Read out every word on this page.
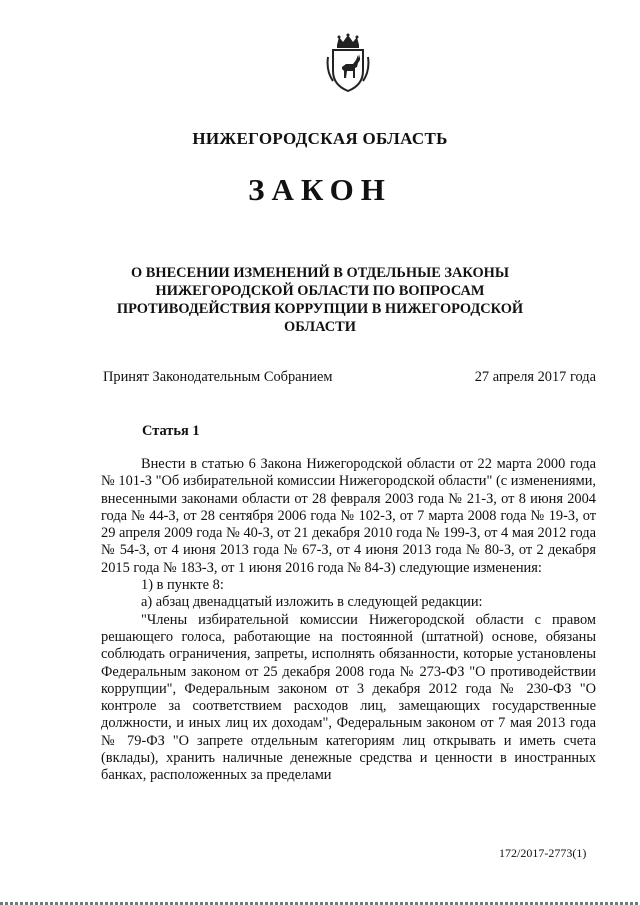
НИЖЕГОРОДСКАЯ ОБЛАСТЬ
ЗАКОН
О ВНЕСЕНИИ ИЗМЕНЕНИЙ В ОТДЕЛЬНЫЕ ЗАКОНЫ
НИЖЕГОРОДСКОЙ ОБЛАСТИ ПО ВОПРОСАМ
ПРОТИВОДЕЙСТВИЯ КОРРУПЦИИ В НИЖЕГОРОДСКОЙ
ОБЛАСТИ
Принят Законодательным Собранием	27 апреля 2017 года
Статья 1

Внести в статью 6 Закона Нижегородской области от 22 марта 2000 года № 101-З "Об избирательной комиссии Нижегородской области" (с изменениями, внесенными законами области от 28 февраля 2003 года № 21-З, от 8 июня 2004 года № 44-З, от 28 сентября 2006 года № 102-З, от 7 марта 2008 года № 19-З, от 29 апреля 2009 года № 40-З, от 21 декабря 2010 года № 199-З, от 4 мая 2012 года № 54-З, от 4 июня 2013 года № 67-З, от 4 июня 2013 года № 80-З, от 2 декабря 2015 года № 183-З, от 1 июня 2016 года № 84-З) следующие изменения:

1) в пункте 8:

а) абзац двенадцатый изложить в следующей редакции:

"Члены избирательной комиссии Нижегородской области с правом решающего голоса, работающие на постоянной (штатной) основе, обязаны соблюдать ограничения, запреты, исполнять обязанности, которые установлены Федеральным законом от 25 декабря 2008 года № 273-ФЗ "О противодействии коррупции", Федеральным законом от 3 декабря 2012 года № 230-ФЗ "О контроле за соответствием расходов лиц, замещающих государственные должности, и иных лиц их доходам", Федеральным законом от 7 мая 2013 года № 79-ФЗ "О запрете отдельным категориям лиц открывать и иметь счета (вклады), хранить наличные денежные средства и ценности в иностранных банках, расположенных за пределами

172/2017-2773(1)
